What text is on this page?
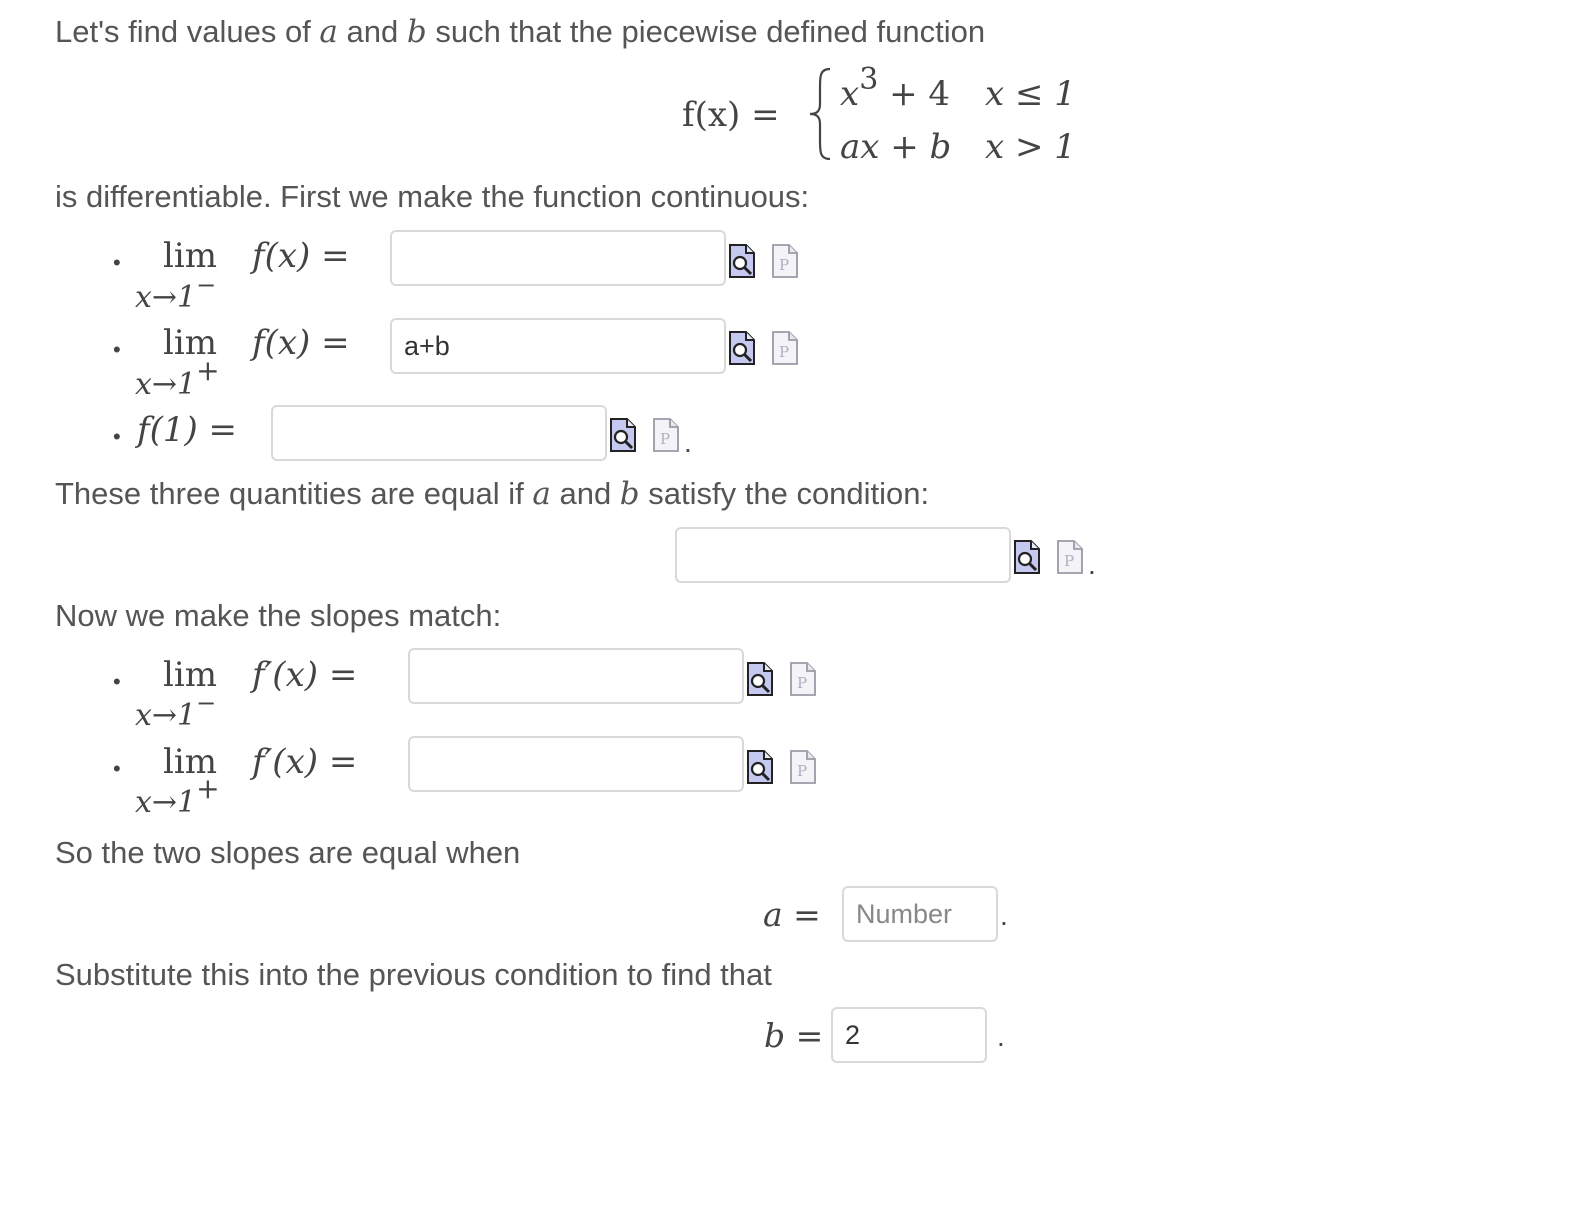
Let's find values of a and b such that the piecewise defined function
f(x) =
x3 + 4 x ≤ 1
ax + b x > 1
is differentiable. First we make the function continuous:
• lim
x→1−
f(x) =
• lim
x→1+
f(x) =
a+b
• f(1) =
These three quantities are equal if a and b satisfy the condition:
Now we make the slopes match:
• lim
x→1−
f′(x) =
• lim
x→1+
f′(x) =
So the two slopes are equal when
a =
Number	.
Substitute this into the previous condition to find that
b =
2	.
P
P
P .
P .
P
P
